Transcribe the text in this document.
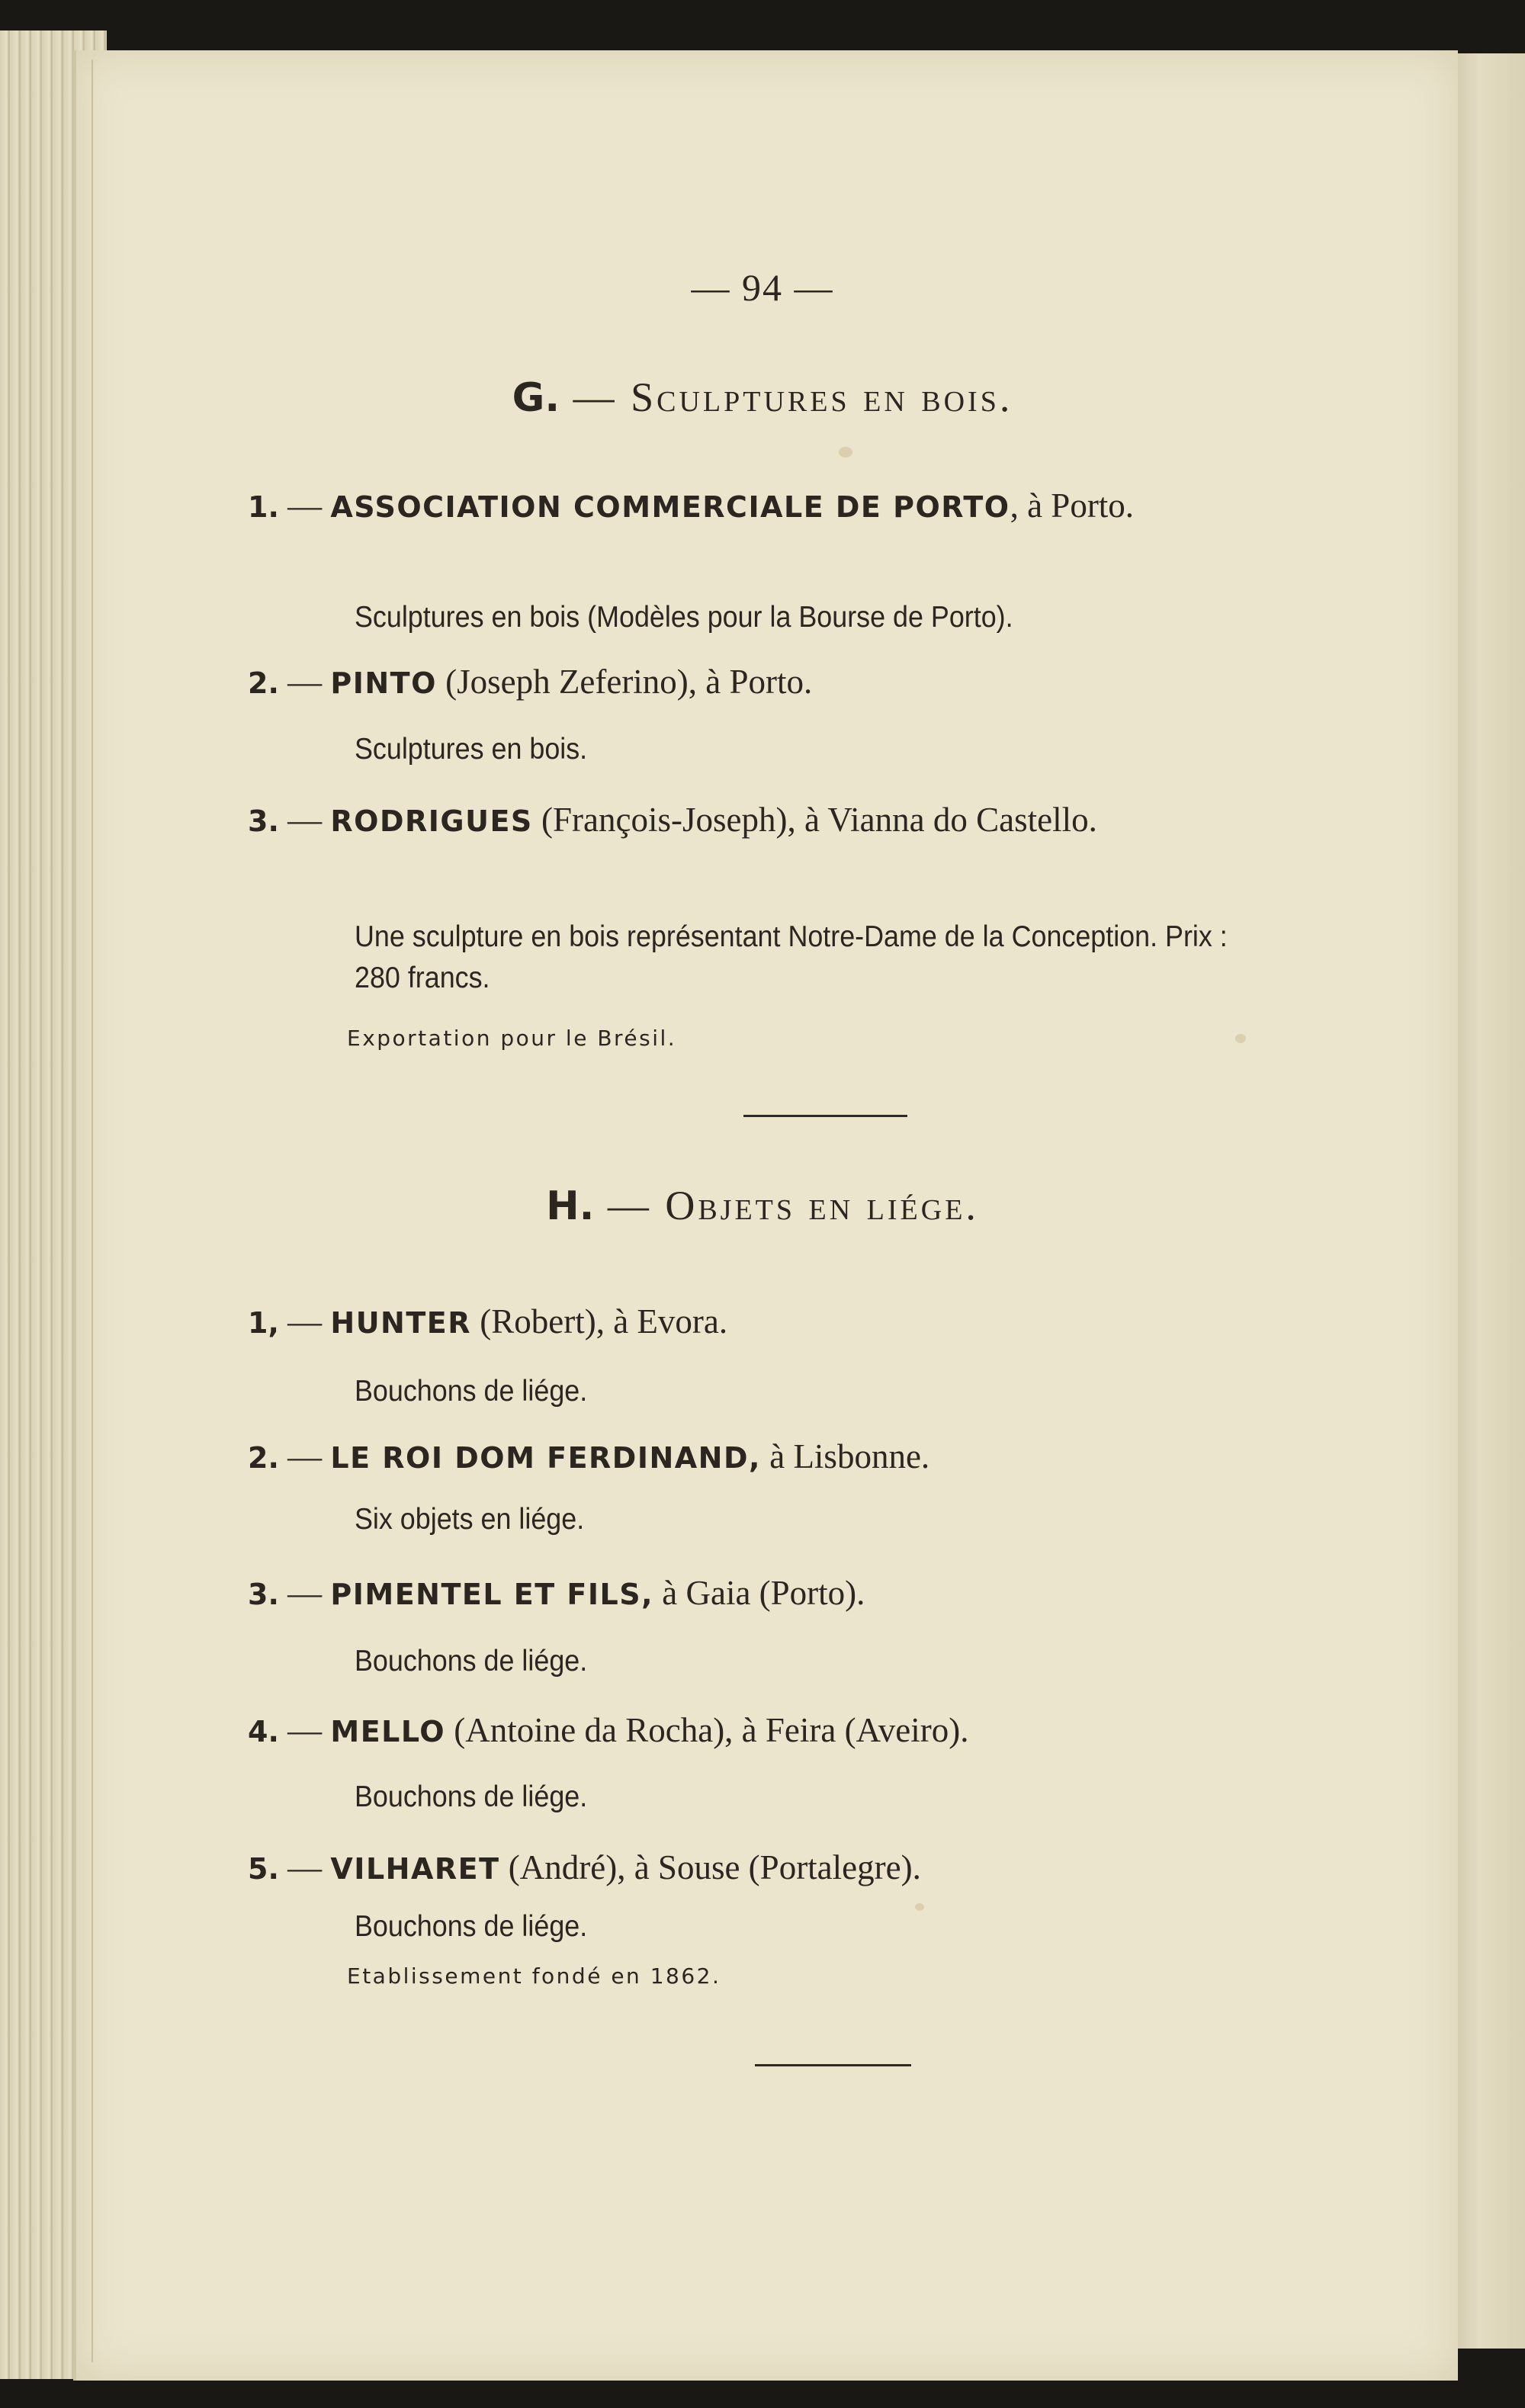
— 94 —
G. — Sculptures en bois.
1. — ASSOCIATION COMMERCIALE DE PORTO, à Porto.
Sculptures en bois (Modèles pour la Bourse de Porto).
2. — PINTO (Joseph Zeferino), à Porto.
Sculptures en bois.
3. — RODRIGUES (François-Joseph), à Vianna do Castello.
Une sculpture en bois représentant Notre-Dame de la Conception. Prix : 280 francs.
Exportation pour le Brésil.
H. — Objets en liége.
1, — HUNTER (Robert), à Evora.
Bouchons de liége.
2. — LE ROI DOM FERDINAND, à Lisbonne.
Six objets en liége.
3. — PIMENTEL ET FILS, à Gaia (Porto).
Bouchons de liége.
4. — MELLO (Antoine da Rocha), à Feira (Aveiro).
Bouchons de liége.
5. — VILHARET (André), à Souse (Portalegre).
Bouchons de liége.
Etablissement fondé en 1862.
